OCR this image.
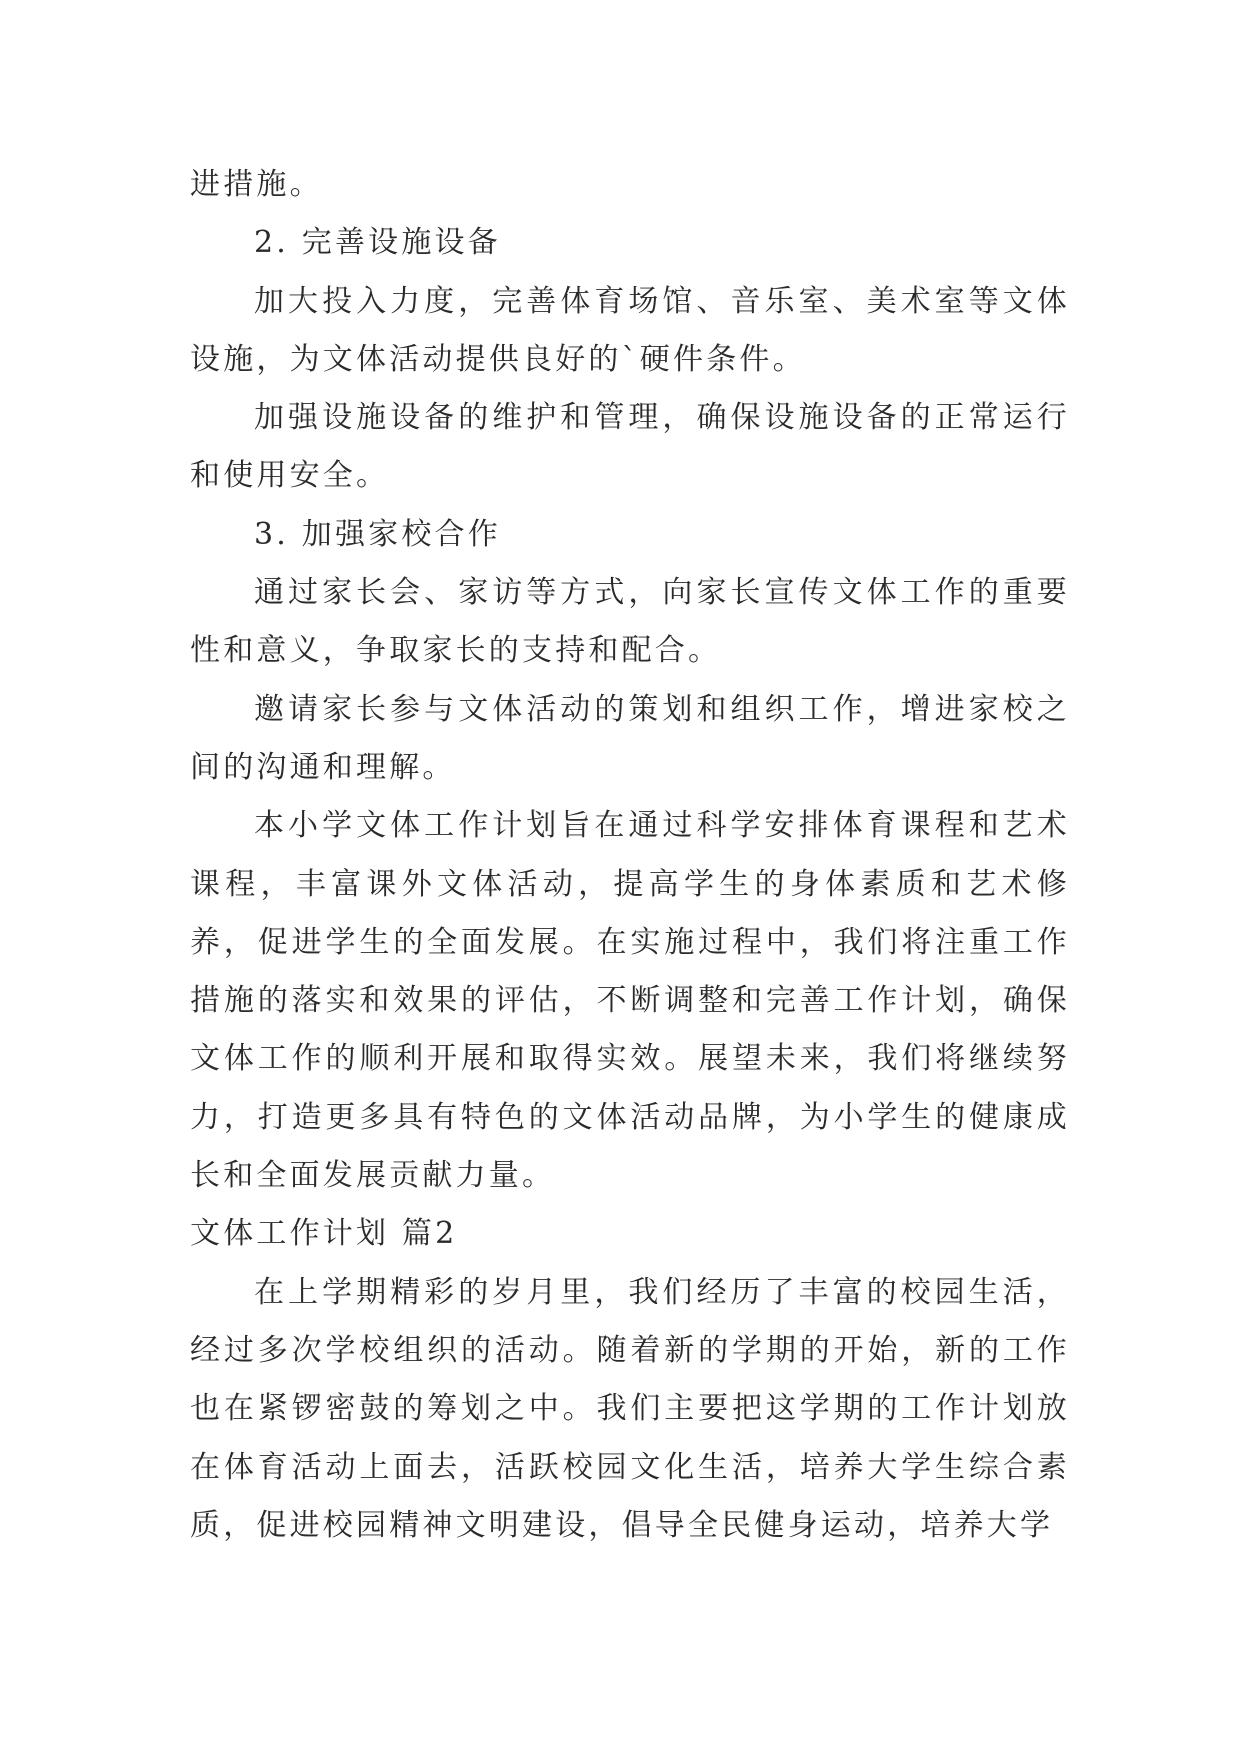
进措施。

2. 完善设施设备

加大投入力度，完善体育场馆、音乐室、美术室等文体设施，为文体活动提供良好的`硬件条件。

加强设施设备的维护和管理，确保设施设备的正常运行和使用安全。

3. 加强家校合作

通过家长会、家访等方式，向家长宣传文体工作的重要性和意义，争取家长的支持和配合。

邀请家长参与文体活动的策划和组织工作，增进家校之间的沟通和理解。

本小学文体工作计划旨在通过科学安排体育课程和艺术课程，丰富课外文体活动，提高学生的身体素质和艺术修养，促进学生的全面发展。在实施过程中，我们将注重工作措施的落实和效果的评估，不断调整和完善工作计划，确保文体工作的顺利开展和取得实效。展望未来，我们将继续努力，打造更多具有特色的文体活动品牌，为小学生的健康成长和全面发展贡献力量。

文体工作计划 篇2

在上学期精彩的岁月里，我们经历了丰富的校园生活，经过多次学校组织的活动。随着新的学期的开始，新的工作也在紧锣密鼓的筹划之中。我们主要把这学期的工作计划放在体育活动上面去，活跃校园文化生活，培养大学生综合素质，促进校园精神文明建设，倡导全民健身运动，培养大学
